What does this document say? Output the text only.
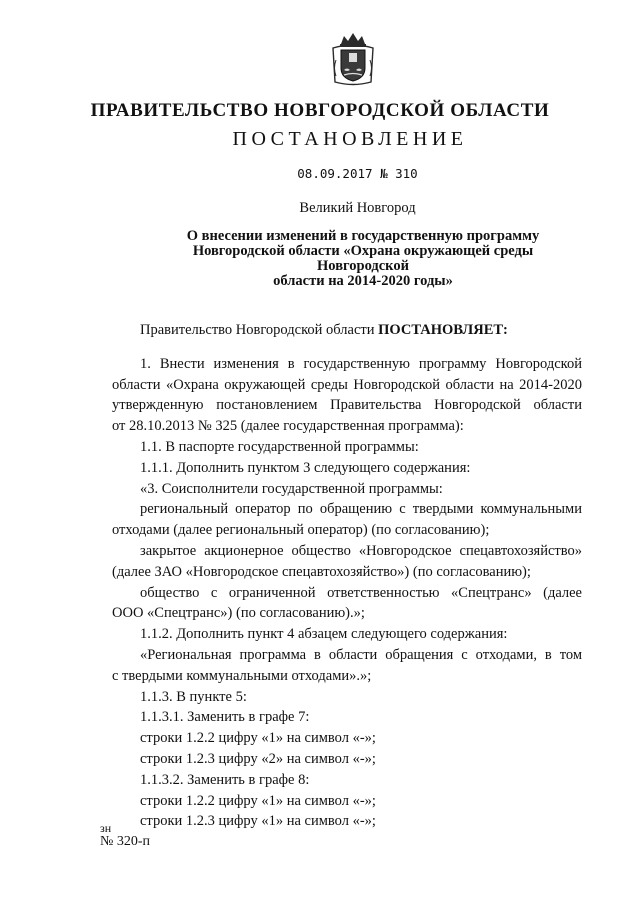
ПРАВИТЕЛЬСТВО НОВГОРОДСКОЙ ОБЛАСТИ
ПОСТАНОВЛЕНИЕ
08.09.2017 № 310
Великий Новгород
О внесении изменений в государственную программу
Новгородской области «Охрана окружающей среды Новгородской
области на 2014-2020 годы»
Правительство Новгородской области ПОСТАНОВЛЯЕТ:
1. Внести изменения в государственную программу Новгородской
области «Охрана окружающей среды Новгородской области на 2014-2020
утвержденную постановлением Правительства Новгородской области
от 28.10.2013 № 325 (далее государственная программа):
1.1. В паспорте государственной программы:
1.1.1. Дополнить пунктом 3 следующего содержания:
«3. Соисполнители государственной программы:
региональный оператор по обращению с твердыми коммунальными
отходами (далее региональный оператор) (по согласованию);
закрытое акционерное общество «Новгородское спецавтохозяйство»
(далее ЗАО «Новгородское спецавтохозяйство») (по согласованию);
общество с ограниченной ответственностью «Спецтранс» (далее
ООО «Спецтранс») (по согласованию).»;
1.1.2. Дополнить пункт 4 абзацем следующего содержания:
«Региональная программа в области обращения с отходами, в том
с твердыми коммунальными отходами».»;
1.1.3. В пункте 5:
1.1.3.1. Заменить в графе 7:
строки 1.2.2 цифру «1» на символ «-»;
строки 1.2.3 цифру «2» на символ «-»;
1.1.3.2. Заменить в графе 8:
строки 1.2.2 цифру «1» на символ «-»;
строки 1.2.3 цифру «1» на символ «-»;
зн
№ 320-п
